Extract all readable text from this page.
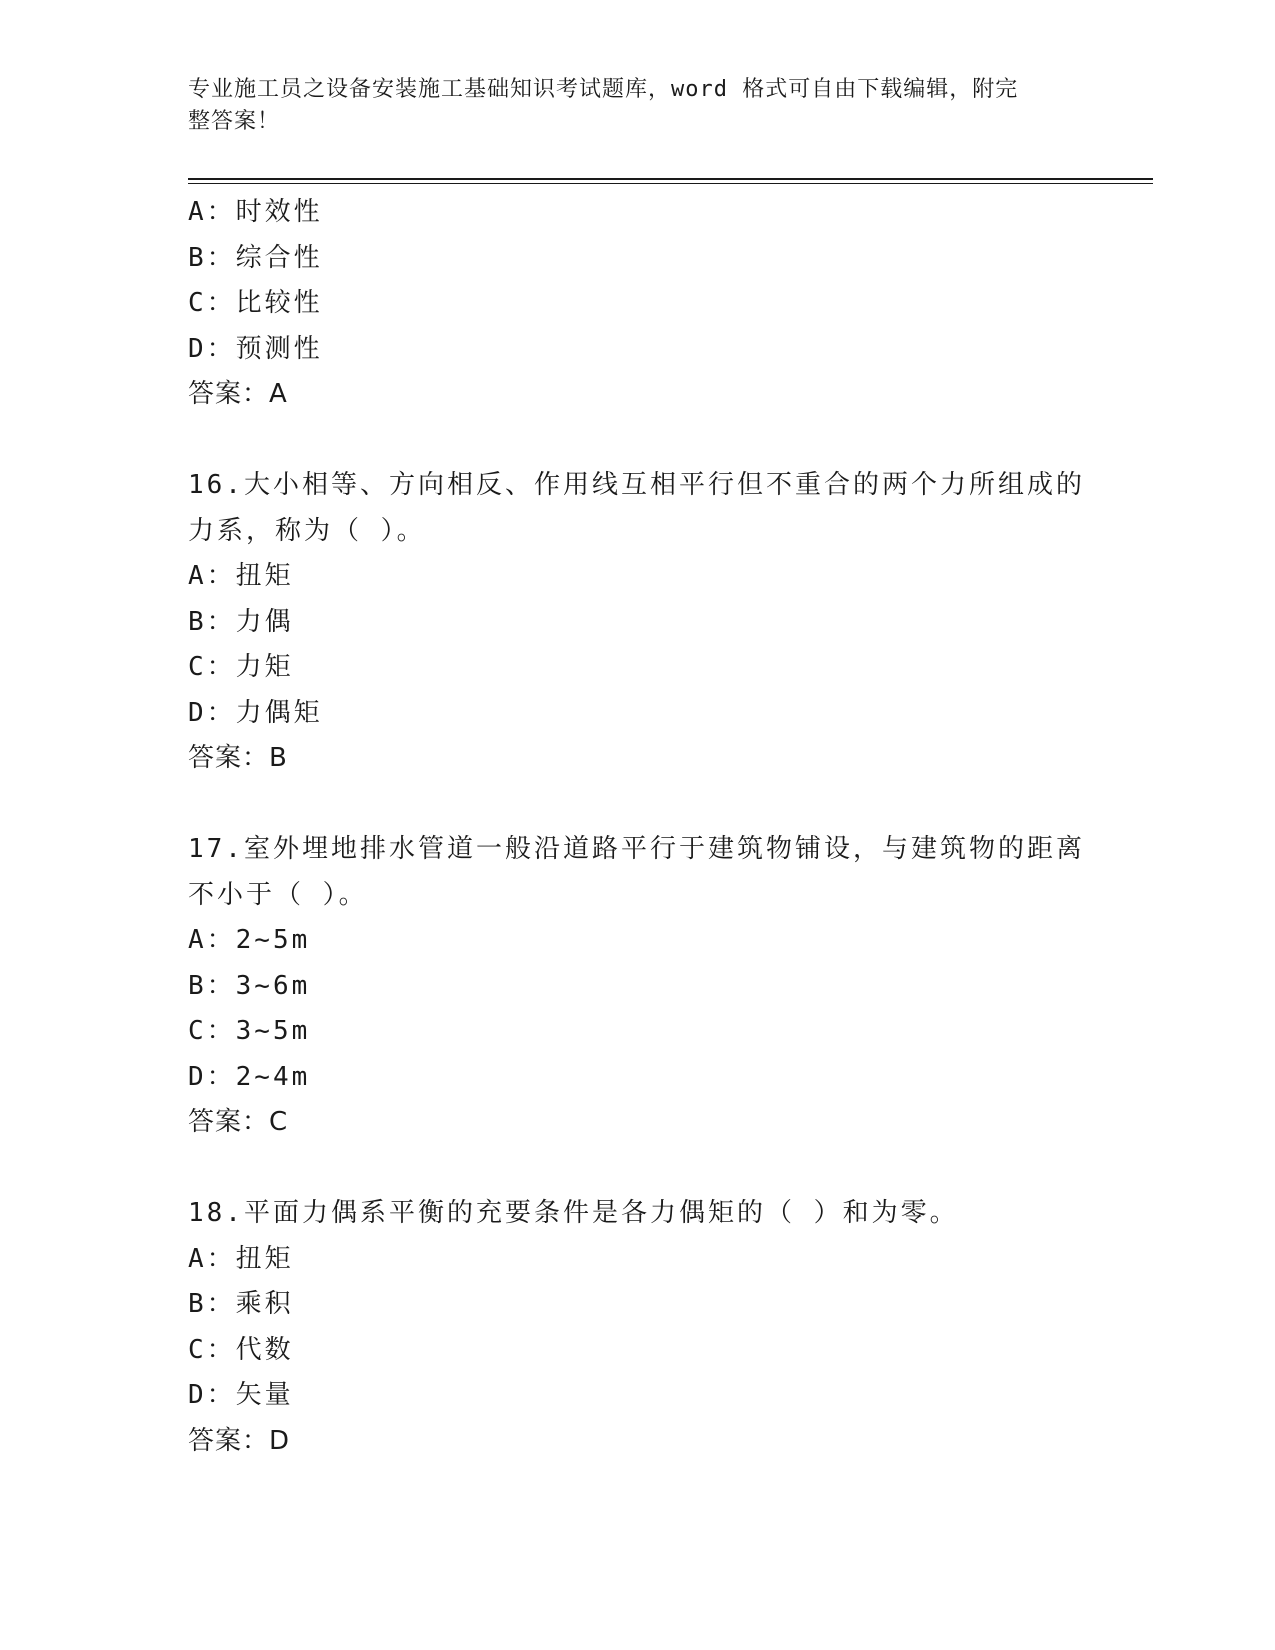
专业施工员之设备安装施工基础知识考试题库，word 格式可自由下载编辑，附完
整答案！
A：时效性
B：综合性
C：比较性
D：预测性
答案：A
16.大小相等、方向相反、作用线互相平行但不重合的两个力所组成的
力系，称为（ ）。
A：扭矩
B：力偶
C：力矩
D：力偶矩
答案：B
17.室外埋地排水管道一般沿道路平行于建筑物铺设，与建筑物的距离
不小于（ ）。
A：2~5m
B：3~6m
C：3~5m
D：2~4m
答案：C
18.平面力偶系平衡的充要条件是各力偶矩的（ ）和为零。
A：扭矩
B：乘积
C：代数
D：矢量
答案：D
